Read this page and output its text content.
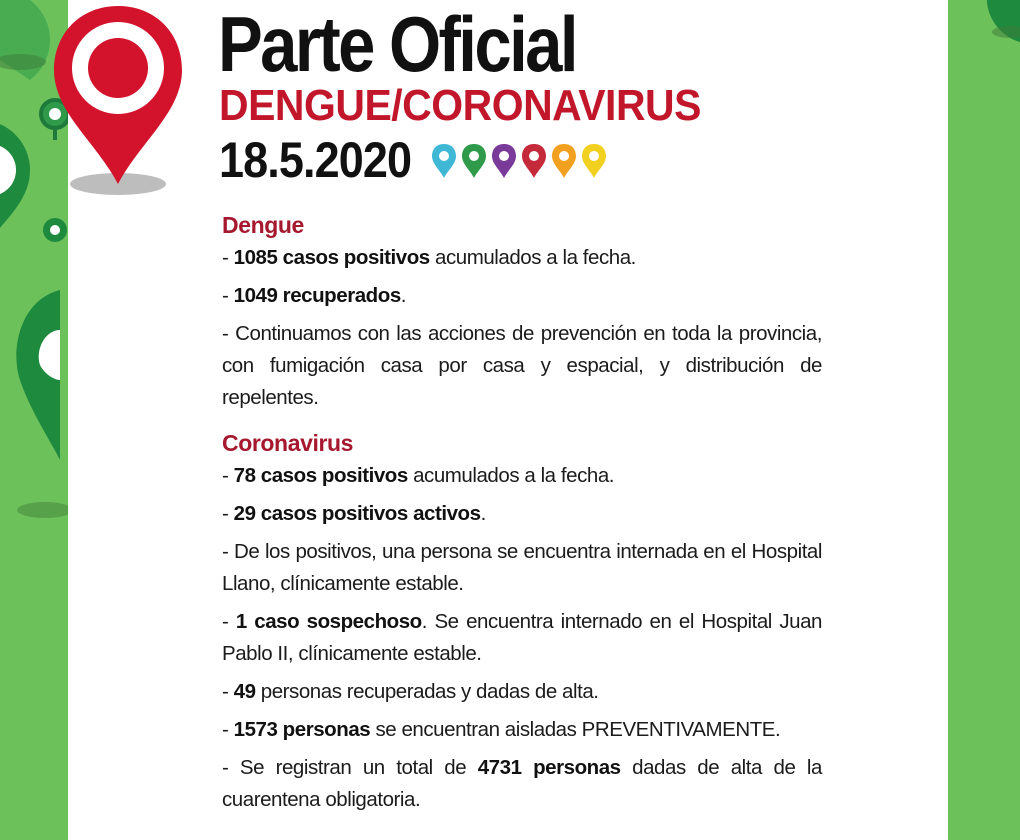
Parte Oficial
DENGUE/CORONAVIRUS
18.5.2020
Dengue
- 1085 casos positivos acumulados a la fecha.
- 1049 recuperados.
- Continuamos con las acciones de prevención en toda la provincia, con fumigación casa por casa y espacial, y distribución de repelentes.
Coronavirus
- 78 casos positivos acumulados a la fecha.
- 29 casos positivos activos.
- De los positivos, una persona se encuentra internada en el Hospital Llano, clínicamente estable.
- 1 caso sospechoso. Se encuentra internado en el Hospital Juan Pablo II, clínicamente estable.
- 49 personas recuperadas y dadas de alta.
- 1573 personas se encuentran aisladas PREVENTIVAMENTE.
- Se registran un total de 4731 personas dadas de alta de la cuarentena obligatoria.
